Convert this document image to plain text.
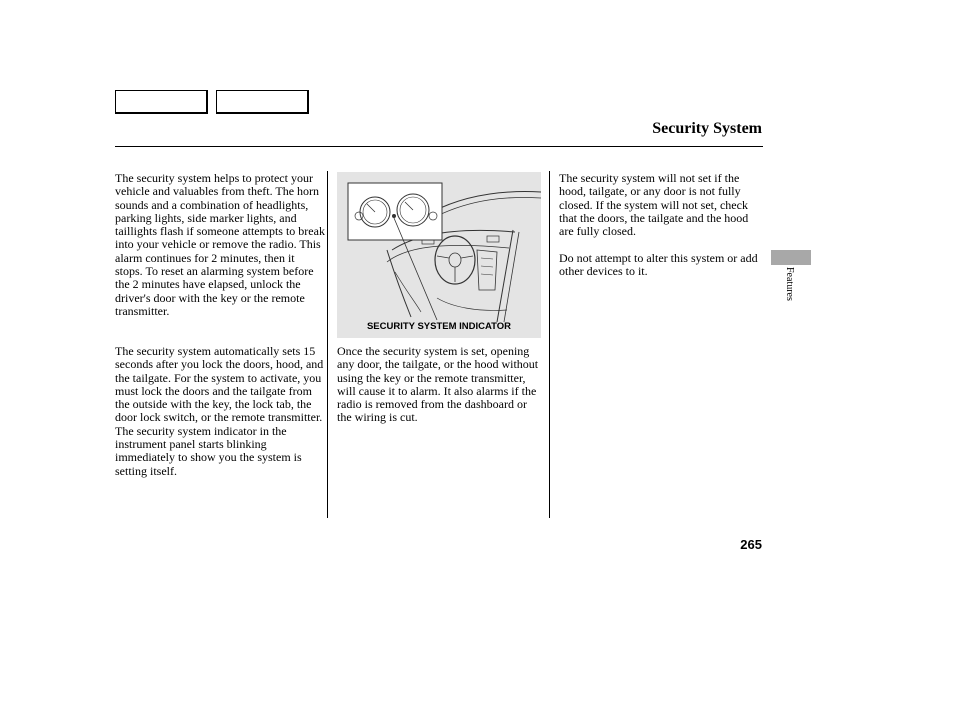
Security System

The security system helps to protect your vehicle and valuables from theft. The horn sounds and a combination of headlights, parking lights, side marker lights, and taillights flash if someone attempts to break into your vehicle or remove the radio. This alarm continues for 2 minutes, then it stops. To reset an alarming system before the 2 minutes have elapsed, unlock the driver's door with the key or the remote transmitter.

The security system automatically sets 15 seconds after you lock the doors, hood, and the tailgate. For the system to activate, you must lock the doors and the tailgate from the outside with the key, the lock tab, the door lock switch, or the remote transmitter. The security system indicator in the instrument panel starts blinking immediately to show you the system is setting itself.

SECURITY SYSTEM INDICATOR

Once the security system is set, opening any door, the tailgate, or the hood without using the key or the remote transmitter, will cause it to alarm. It also alarms if the radio is removed from the dashboard or the wiring is cut.

The security system will not set if the hood, tailgate, or any door is not fully closed. If the system will not set, check that the doors, the tailgate and the hood are fully closed.

Do not attempt to alter this system or add other devices to it.	Features
265
